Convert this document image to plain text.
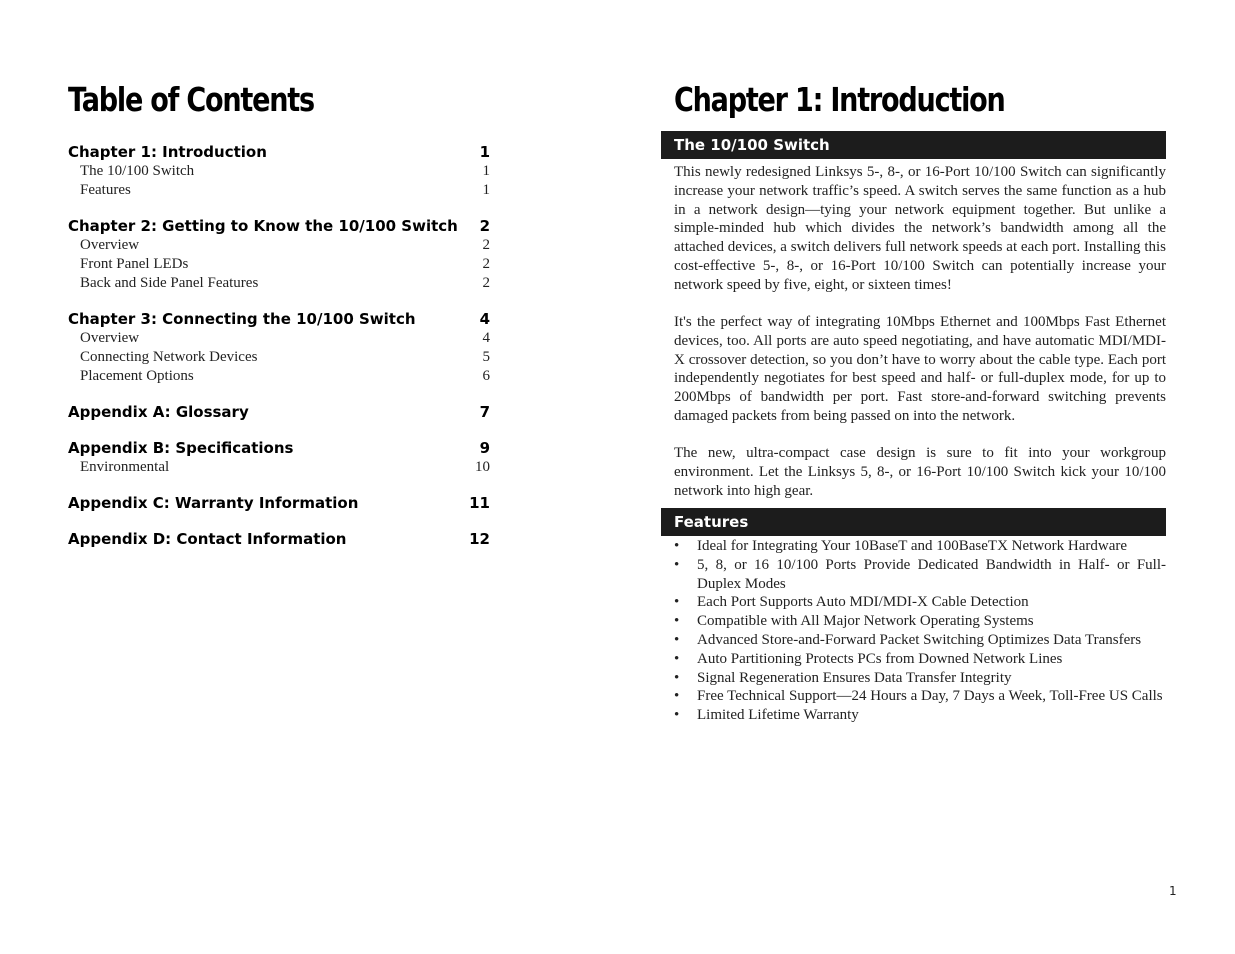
Table of Contents
Chapter 1: Introduction	1
The 10/100 Switch	1
Features	1
Chapter 2: Getting to Know the 10/100 Switch 2
Overview	2
Front Panel LEDs	2
Back and Side Panel Features	2
Chapter 3: Connecting the 10/100 Switch	4
Overview	4
Connecting Network Devices	5
Placement Options	6
Appendix A: Glossary	7
Appendix B: Specifications	9
Environmental	10
Appendix C: Warranty Information	11
Appendix D: Contact Information	12
Chapter 1: Introduction
The 10/100 Switch

This newly redesigned Linksys 5-, 8-, or 16-Port 10/100 Switch can significantly increase your network traffic’s speed. A switch serves the same function as a hub in a network design—tying your network equipment together. But unlike a simple-minded hub which divides the network’s bandwidth among all the attached devices, a switch delivers full network speeds at each port. Installing this cost-effective 5-, 8-, or 16-Port 10/100 Switch can potentially increase your network speed by five, eight, or sixteen times!

It's the perfect way of integrating 10Mbps Ethernet and 100Mbps Fast Ethernet devices, too. All ports are auto speed negotiating, and have automatic MDI/MDI-X crossover detection, so you don’t have to worry about the cable type. Each port independently negotiates for best speed and half- or full-duplex mode, for up to 200Mbps of bandwidth per port. Fast store-and-forward switching prevents damaged packets from being passed on into the network.

The new, ultra-compact case design is sure to fit into your workgroup environment. Let the Linksys 5, 8-, or 16-Port 10/100 Switch kick your 10/100 network into high gear.

Features
• Ideal for Integrating Your 10BaseT and 100BaseTX Network Hardware
• 5, 8, or 16 10/100 Ports Provide Dedicated Bandwidth in Half- or Full-Duplex Modes
• Each Port Supports Auto MDI/MDI-X Cable Detection
• Compatible with All Major Network Operating Systems
• Advanced Store-and-Forward Packet Switching Optimizes Data Transfers
• Auto Partitioning Protects PCs from Downed Network Lines
• Signal Regeneration Ensures Data Transfer Integrity
• Free Technical Support—24 Hours a Day, 7 Days a Week, Toll-Free US Calls
• Limited Lifetime Warranty
1
